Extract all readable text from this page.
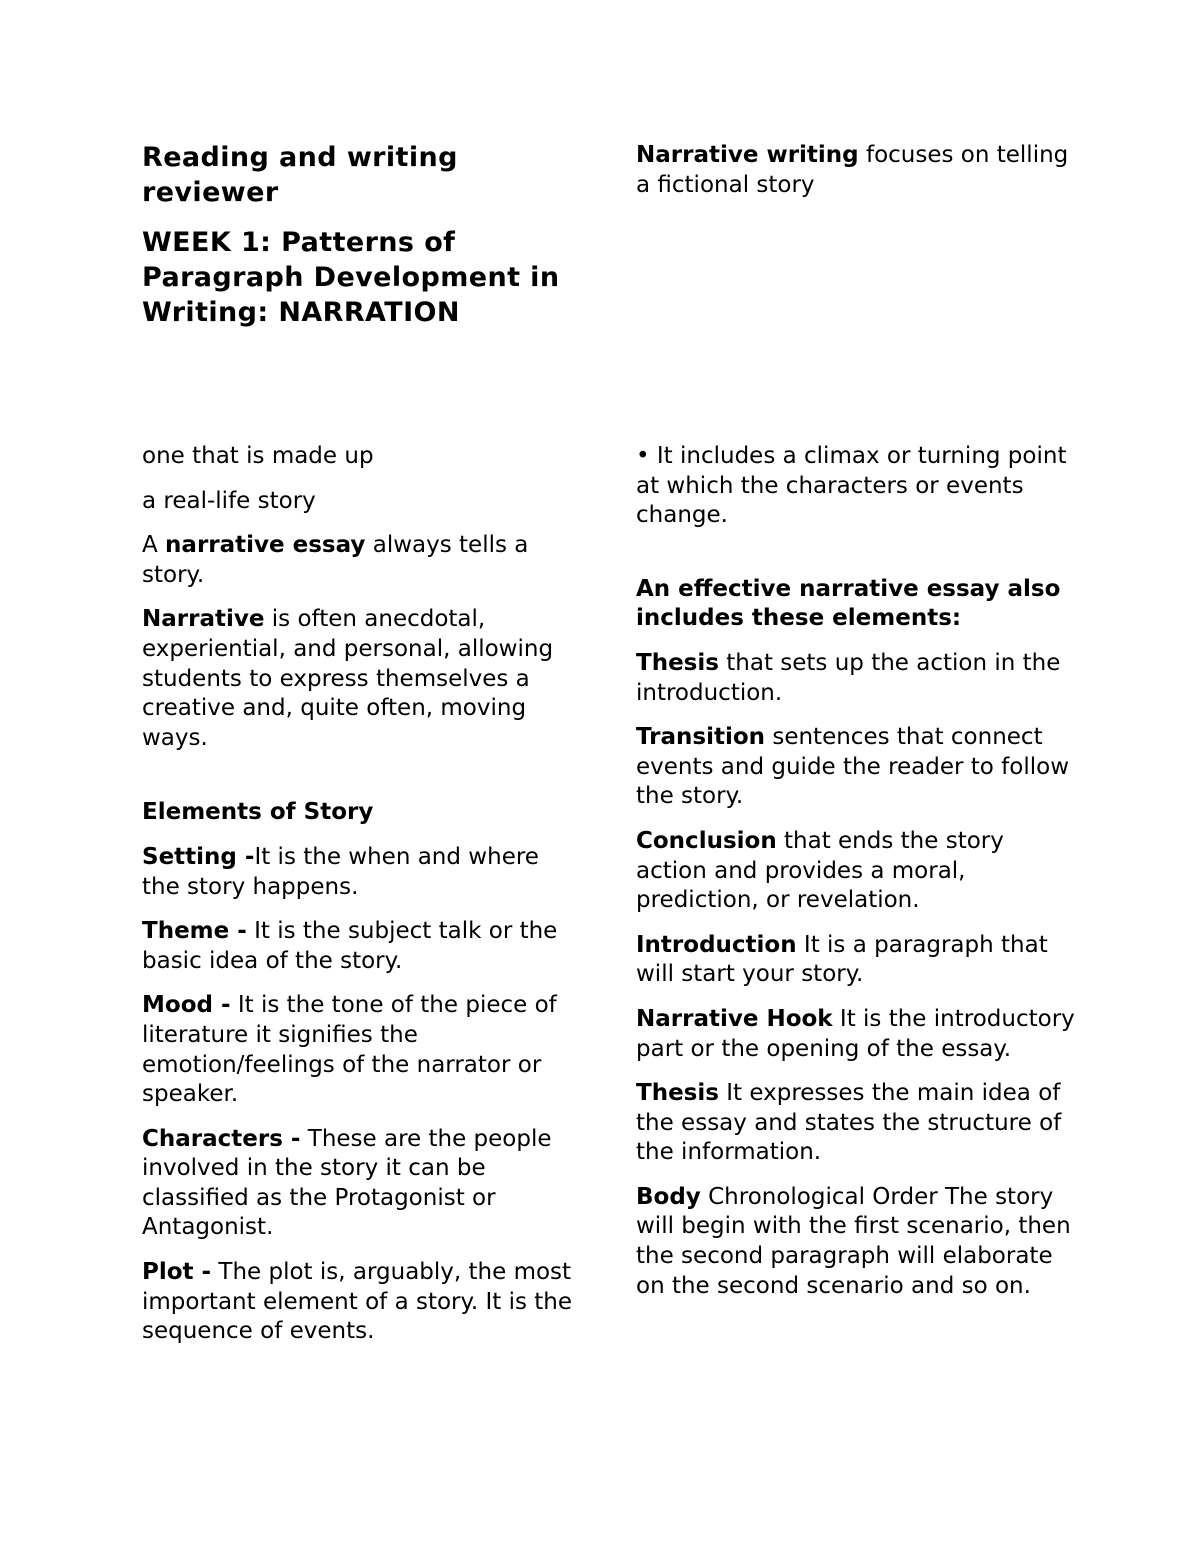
Reading and writing reviewer
WEEK 1: Patterns of Paragraph Development in Writing: NARRATION

Narrative writing focuses on telling a fictional story

one that is made up

a real-life story

A narrative essay always tells a story.

Narrative is often anecdotal, experiential, and personal, allowing students to express themselves a creative and, quite often, moving ways.

Elements of Story

Setting -It is the when and where the story happens.

Theme - It is the subject talk or the basic idea of the story.

Mood - It is the tone of the piece of literature it signifies the emotion/feelings of the narrator or speaker.

Characters - These are the people involved in the story it can be classified as the Protagonist or Antagonist.

Plot - The plot is, arguably, the most important element of a story. It is the sequence of events.

• It includes a climax or turning point at which the characters or events change.

An effective narrative essay also includes these elements:

Thesis that sets up the action in the introduction.

Transition sentences that connect events and guide the reader to follow the story.

Conclusion that ends the story action and provides a moral, prediction, or revelation.

Introduction It is a paragraph that will start your story.

Narrative Hook It is the introductory part or the opening of the essay.

Thesis It expresses the main idea of the essay and states the structure of the information.

Body Chronological Order The story will begin with the first scenario, then the second paragraph will elaborate on the second scenario and so on.
